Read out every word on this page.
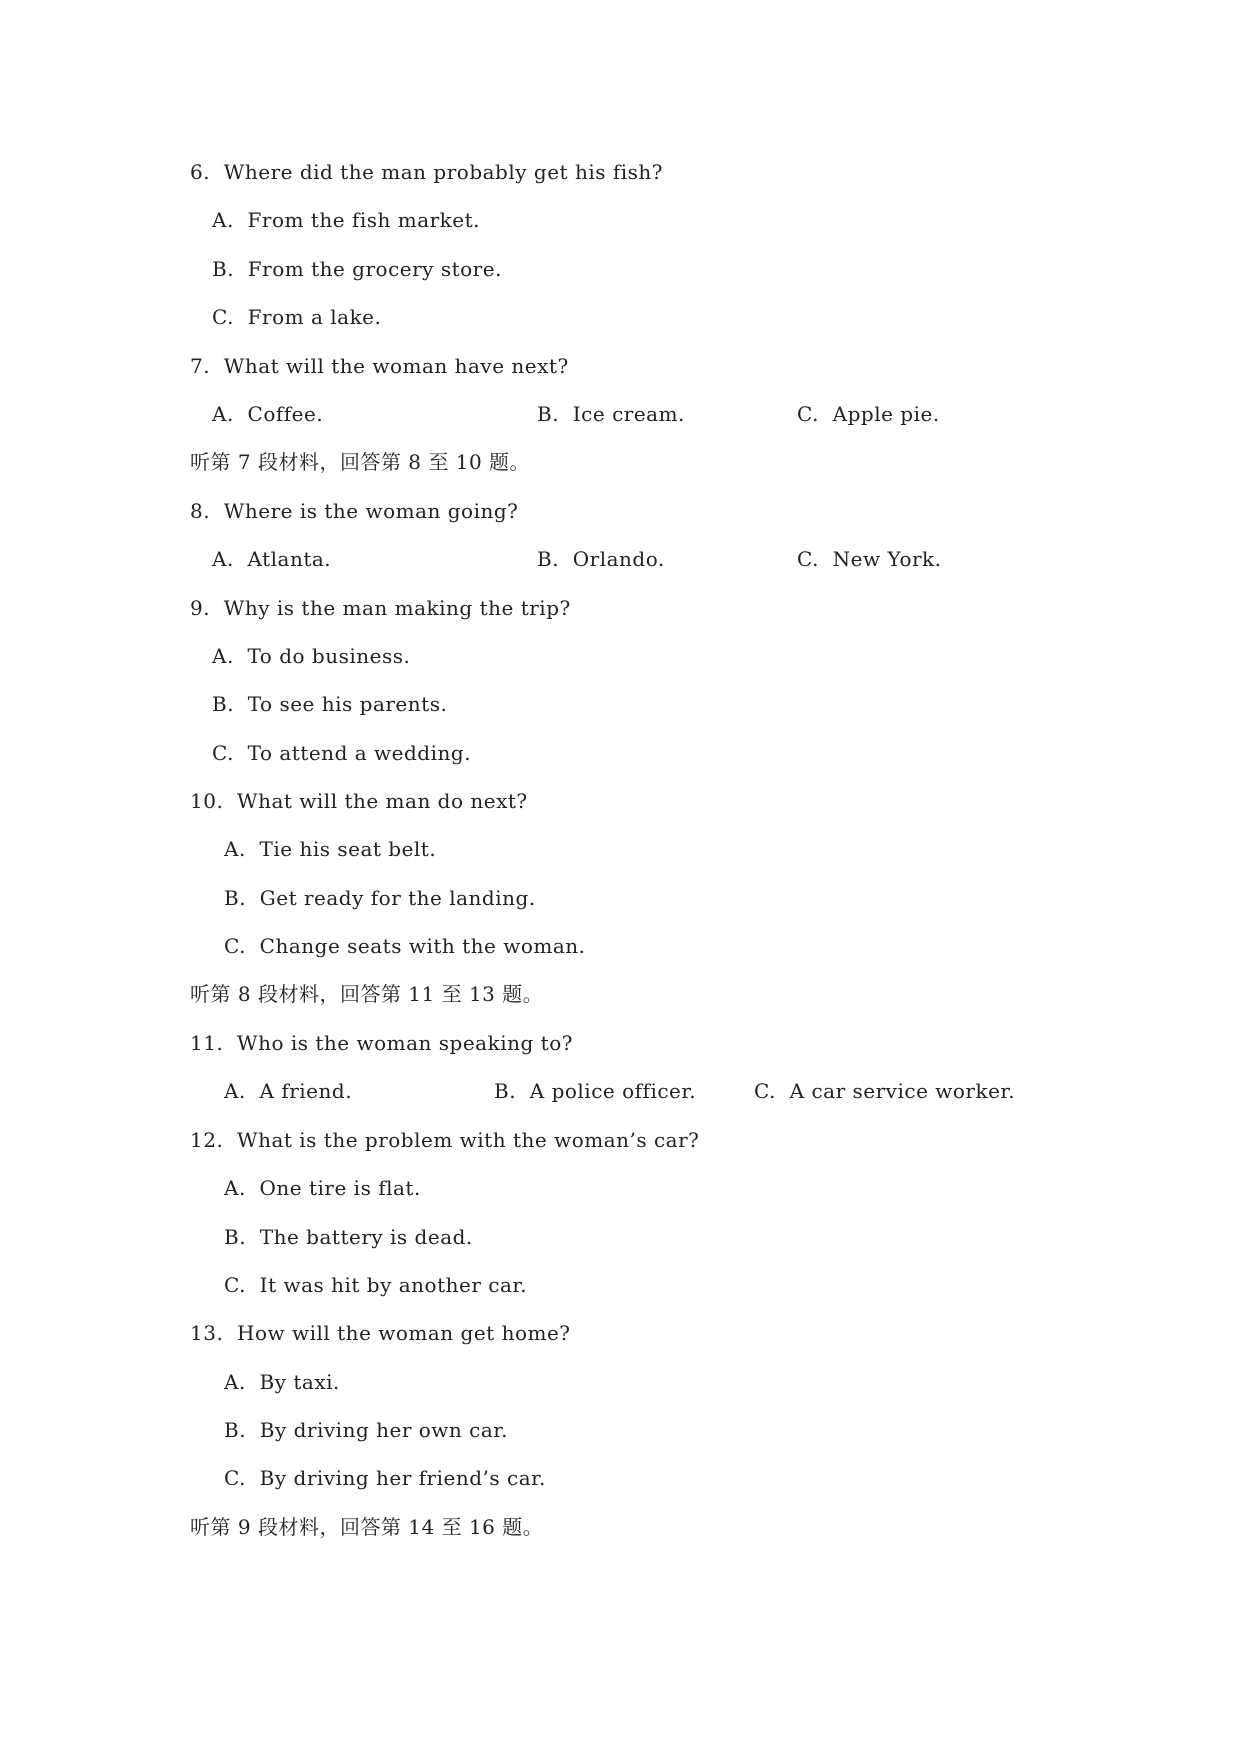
6.  Where did the man probably get his fish?
A.  From the fish market.
B.  From the grocery store.
C.  From a lake.
7.  What will the woman have next?
A.  Coffee.	B.  Ice cream.	C.  Apple pie.
听第 7 段材料，回答第 8 至 10 题。
8.  Where is the woman going?
A.  Atlanta.	B.  Orlando.	C.  New York.
9.  Why is the man making the trip?
A.  To do business.
B.  To see his parents.
C.  To attend a wedding.
10.  What will the man do next?
A.  Tie his seat belt.
B.  Get ready for the landing.
C.  Change seats with the woman.
听第 8 段材料，回答第 11 至 13 题。
11.  Who is the woman speaking to?
A.  A friend.	B.  A police officer.	C.  A car service worker.
12.  What is the problem with the woman’s car?
A.  One tire is flat.
B.  The battery is dead.
C.  It was hit by another car.
13.  How will the woman get home?
A.  By taxi.
B.  By driving her own car.
C.  By driving her friend’s car.
听第 9 段材料，回答第 14 至 16 题。
